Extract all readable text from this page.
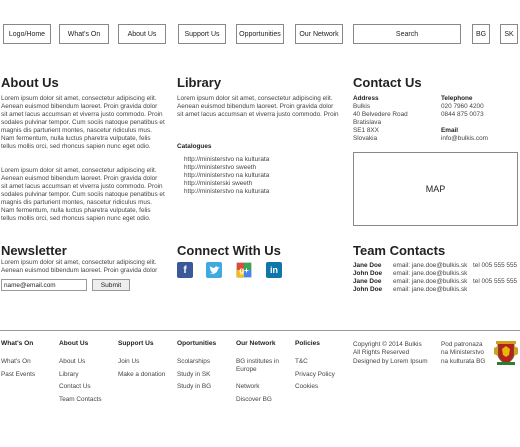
Logo/Home	What's On	About Us	Support Us	Opportunities	Our Network	Search	BG	SK
About Us

Lorem ipsum dolor sit amet, consectetur adipiscing elit. Aenean euismod bibendum laoreet. Proin gravida dolor sit amet lacus accumsan et viverra justo commodo. Proin sodales pulvinar tempor. Cum sociis natoque penatibus et magnis dis parturient montes, nascetur ridiculus mus. Nam fermentum, nulla luctus pharetra vulputate, felis tellus mollis orci, sed rhoncus sapien nunc eget odio.

Lorem ipsum dolor sit amet, consectetur adipiscing elit. Aenean euismod bibendum laoreet. Proin gravida dolor sit amet lacus accumsan et viverra justo commodo. Proin sodales pulvinar tempor. Cum sociis natoque penatibus et magnis dis parturient montes, nascetur ridiculus mus. Nam fermentum, nulla luctus pharetra vulputate, felis tellus mollis orci, sed rhoncus sapien nunc eget odio.

Library

Lorem ipsum dolor sit amet, consectetur adipiscing elit. Aenean euismod bibendum laoreet. Proin gravida dolor sit amet lacus accumsan et viverra justo commodo. Proin

Catalogues
http://ministerstvo na kulturata
http://ministerstvo sweeth
http://ministerstvo na kulturata
http://ministerski sweeth
http://ministerstvo na kulturata
Contact Us
Address
Bulkis
40 Belvedere Road
Bratislava
SE1 8XX
Slovakia
Telephone
020 7960 4200
0844 875 0073
Email
info@bulkis.com
MAP
Newsletter

Lorem ipsum dolor sit amet, consectetur adipiscing elit. Aenean euismod bibendum laoreet. Proin gravida dolor

name@email.com
Submit
Connect With Us
f	g+	in
Team Contacts
Jane Doe email: jane.doe@bulkis.sk tel 005 555 555
John Doe email: jane.doe@bulkis.sk
Jane Doe email: jane.doe@bulkis.sk tel 005 555 555
John Doe email: jane.doe@bulkis.sk
What's On
What's On
Past Events
About Us
About Us
Library
Contact Us
Team Contacts
Support Us
Join Us
Make a donation
Oportunities
Scolarships
Study in SK
Study in BG
Our Network
BG institutes in Europe
Network
Discover BG
Policies
T&C
Privacy Policy
Cookies
Copyright © 2014 Bulkis
All Rights Reserved
Designed by Lorem Ipsum
Pod patronaza
na Ministerstvo
na kulturata BG
